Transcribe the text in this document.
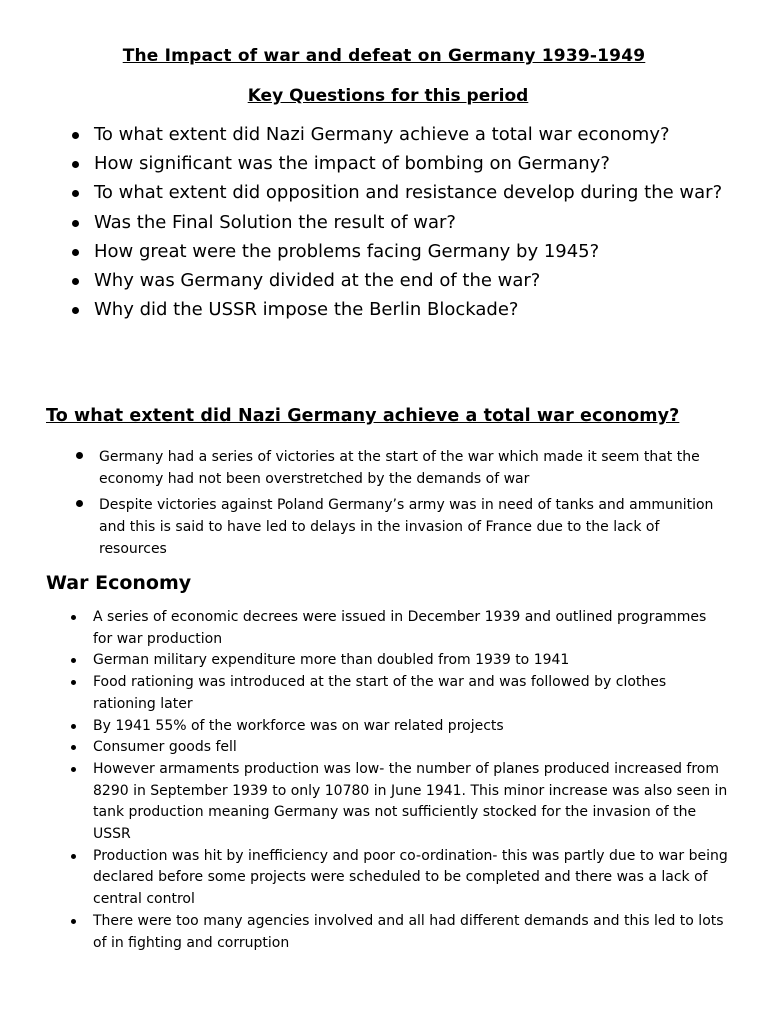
The Impact of war and defeat on Germany 1939-1949
Key Questions for this period
To what extent did Nazi Germany achieve a total war economy?
How significant was the impact of bombing on Germany?
To what extent did opposition and resistance develop during the war?
Was the Final Solution the result of war?
How great were the problems facing Germany by 1945?
Why was Germany divided at the end of the war?
Why did the USSR impose the Berlin Blockade?
To what extent did Nazi Germany achieve a total war economy?
Germany had a series of victories at the start of the war which made it seem that the economy had not been overstretched by the demands of war
Despite victories against Poland Germany’s army was in need of tanks and ammunition and this is said to have led to delays in the invasion of France due to the lack of resources
War Economy
A series of economic decrees were issued in December 1939 and outlined programmes for war production
German military expenditure more than doubled from 1939 to 1941
Food rationing was introduced at the start of the war and was followed by clothes rationing later
By 1941 55% of the workforce was on war related projects
Consumer goods fell
However armaments production was low- the number of planes produced increased from 8290 in September 1939 to only 10780 in June 1941. This minor increase was also seen in tank production meaning Germany was not sufficiently stocked for the invasion of the USSR
Production was hit by inefficiency and poor co-ordination- this was partly due to war being declared before some projects were scheduled to be completed and there was a lack of central control
There were too many agencies involved and all had different demands and this led to lots of in fighting and corruption
